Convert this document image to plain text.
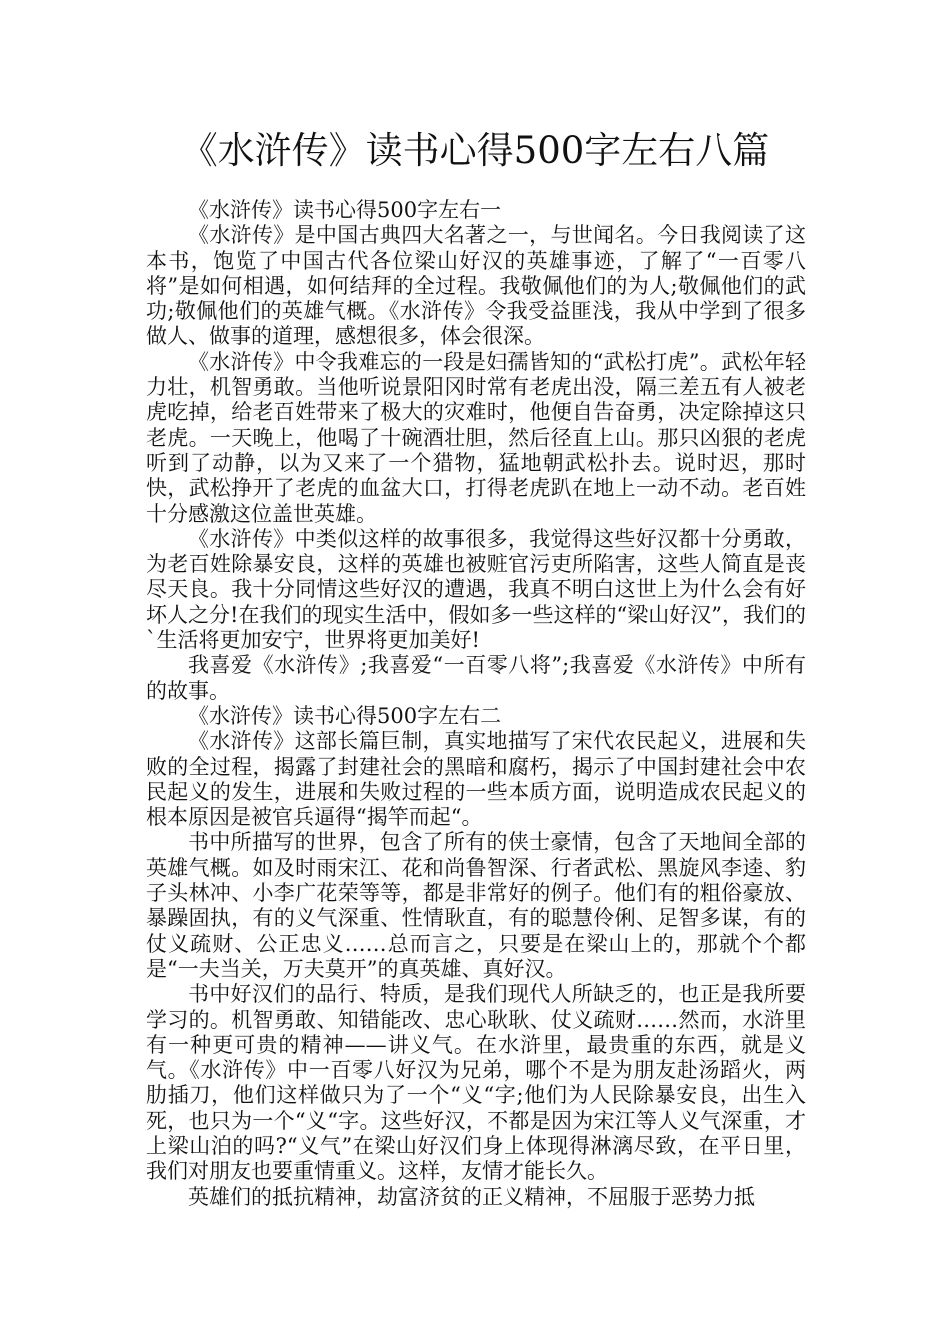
《水浒传》读书心得500字左右八篇

《水浒传》读书心得500字左右一

《水浒传》是中国古典四大名著之一，与世闻名。今日我阅读了这本书，饱览了中国古代各位梁山好汉的英雄事迹，了解了“一百零八将”是如何相遇，如何结拜的全过程。我敬佩他们的为人;敬佩他们的武功;敬佩他们的英雄气概。《水浒传》令我受益匪浅，我从中学到了很多做人、做事的道理，感想很多，体会很深。

《水浒传》中令我难忘的一段是妇孺皆知的“武松打虎”。武松年轻力壮，机智勇敢。当他听说景阳冈时常有老虎出没，隔三差五有人被老虎吃掉，给老百姓带来了极大的灾难时，他便自告奋勇，决定除掉这只老虎。一天晚上，他喝了十碗酒壮胆，然后径直上山。那只凶狠的老虎听到了动静，以为又来了一个猎物，猛地朝武松扑去。说时迟，那时快，武松挣开了老虎的血盆大口，打得老虎趴在地上一动不动。老百姓十分感激这位盖世英雄。

《水浒传》中类似这样的故事很多，我觉得这些好汉都十分勇敢，为老百姓除暴安良，这样的英雄也被赃官污吏所陷害，这些人简直是丧尽天良。我十分同情这些好汉的遭遇，我真不明白这世上为什么会有好坏人之分!在我们的现实生活中，假如多一些这样的“梁山好汉”，我们的`生活将更加安宁，世界将更加美好!

我喜爱《水浒传》;我喜爱“一百零八将”;我喜爱《水浒传》中所有的故事。

《水浒传》读书心得500字左右二

《水浒传》这部长篇巨制，真实地描写了宋代农民起义，进展和失败的全过程，揭露了封建社会的黑暗和腐朽，揭示了中国封建社会中农民起义的发生，进展和失败过程的一些本质方面，说明造成农民起义的根本原因是被官兵逼得“揭竿而起“。

书中所描写的世界，包含了所有的侠士豪情，包含了天地间全部的英雄气概。如及时雨宋江、花和尚鲁智深、行者武松、黑旋风李逵、豹子头林冲、小李广花荣等等，都是非常好的例子。他们有的粗俗豪放、暴躁固执，有的义气深重、性情耿直，有的聪慧伶俐、足智多谋，有的仗义疏财、公正忠义……总而言之，只要是在梁山上的，那就个个都是“一夫当关，万夫莫开”的真英雄、真好汉。

书中好汉们的品行、特质，是我们现代人所缺乏的，也正是我所要学习的。机智勇敢、知错能改、忠心耿耿、仗义疏财……然而，水浒里有一种更可贵的精神——讲义气。在水浒里，最贵重的东西，就是义气。《水浒传》中一百零八好汉为兄弟，哪个不是为朋友赴汤蹈火，两肋插刀，他们这样做只为了一个“义“字;他们为人民除暴安良，出生入死，也只为一个“义“字。这些好汉，不都是因为宋江等人义气深重，才上梁山泊的吗?“义气”在梁山好汉们身上体现得淋漓尽致，在平日里，我们对朋友也要重情重义。这样，友情才能长久。

英雄们的抵抗精神，劫富济贫的正义精神，不屈服于恶势力抵
